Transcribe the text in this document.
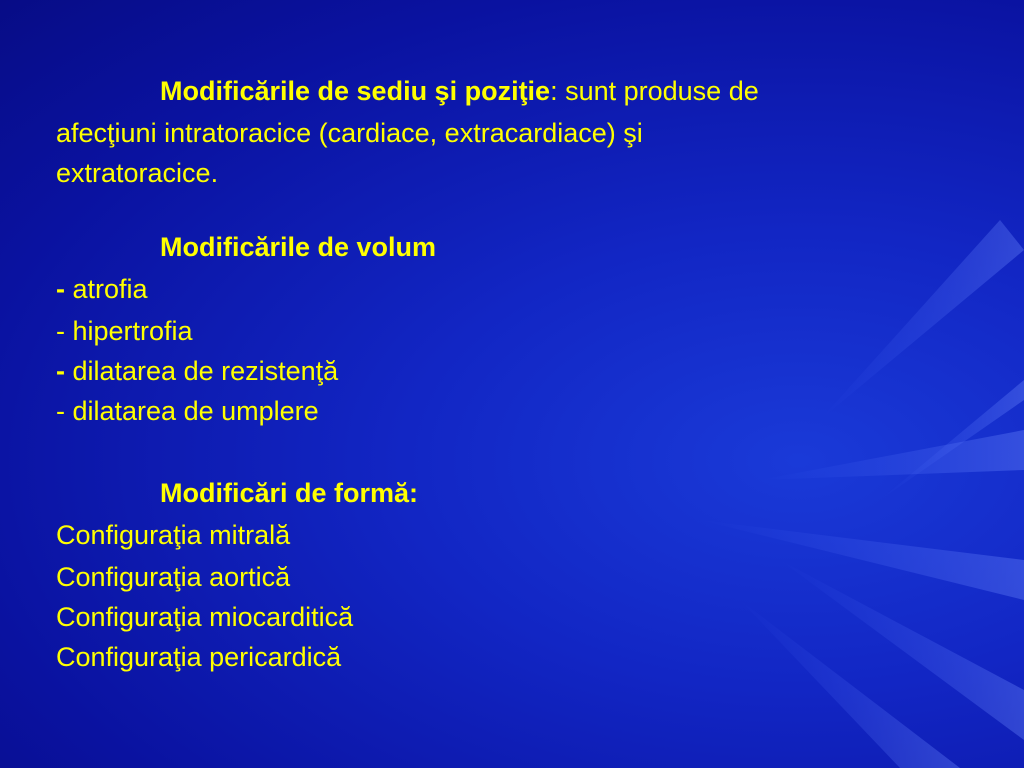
Modificările de sediu şi poziţie: sunt produse de
afecţiuni intratoracice (cardiace, extracardiace) şi
extratoracice.
Modificările de volum
- atrofia
- hipertrofia
- dilatarea de rezistenţă
- dilatarea de umplere
Modificări de formă:
Configuraţia mitrală
Configuraţia aortică
Configuraţia miocarditică
Configuraţia pericardică
